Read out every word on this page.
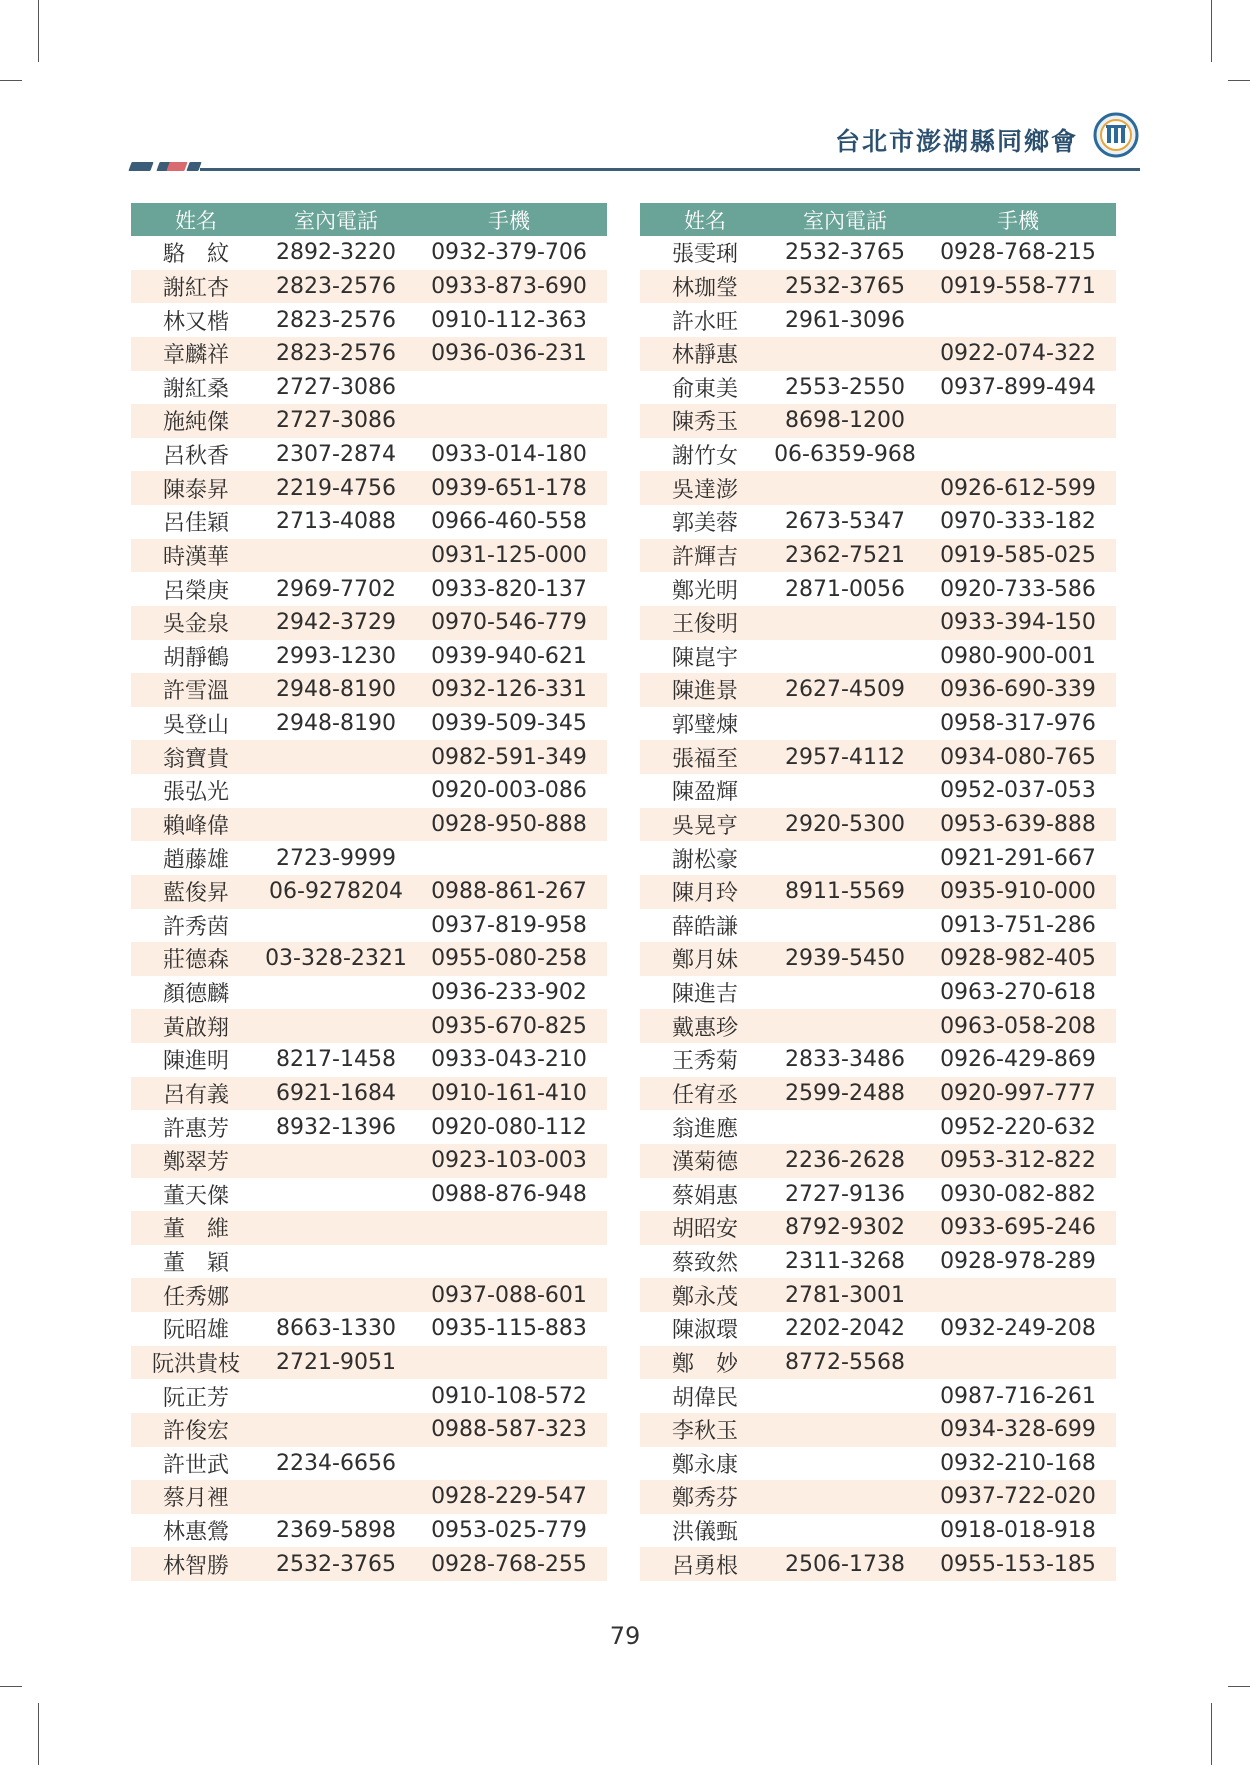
台北市澎湖縣同鄉會
姓名	室內電話	手機
駱　紋	2892-3220	0932-379-706
謝紅杏	2823-2576	0933-873-690
林又楷	2823-2576	0910-112-363
章麟祥	2823-2576	0936-036-231
謝紅桑	2727-3086	
施純傑	2727-3086	
呂秋香	2307-2874	0933-014-180
陳泰昇	2219-4756	0939-651-178
呂佳穎	2713-4088	0966-460-558
時漢華		0931-125-000
呂榮庚	2969-7702	0933-820-137
吳金泉	2942-3729	0970-546-779
胡靜鶴	2993-1230	0939-940-621
許雪溫	2948-8190	0932-126-331
吳登山	2948-8190	0939-509-345
翁寶貴		0982-591-349
張弘光		0920-003-086
賴峰偉		0928-950-888
趙藤雄	2723-9999	
藍俊昇	06-9278204	0988-861-267
許秀茵		0937-819-958
莊德森	03-328-2321	0955-080-258
顏德麟		0936-233-902
黃啟翔		0935-670-825
陳進明	8217-1458	0933-043-210
呂有義	6921-1684	0910-161-410
許惠芳	8932-1396	0920-080-112
鄭翠芳		0923-103-003
董天傑		0988-876-948
董　維		
董　穎		
任秀娜		0937-088-601
阮昭雄	8663-1330	0935-115-883
阮洪貴枝	2721-9051	
阮正芳		0910-108-572
許俊宏		0988-587-323
許世武	2234-6656	
蔡月裡		0928-229-547
林惠鶯	2369-5898	0953-025-779
林智勝	2532-3765	0928-768-255
姓名	室內電話	手機
張雯琍	2532-3765	0928-768-215
林珈瑩	2532-3765	0919-558-771
許水旺	2961-3096	
林靜惠		0922-074-322
俞東美	2553-2550	0937-899-494
陳秀玉	8698-1200	
謝竹女	06-6359-968	
吳達澎		0926-612-599
郭美蓉	2673-5347	0970-333-182
許輝吉	2362-7521	0919-585-025
鄭光明	2871-0056	0920-733-586
王俊明		0933-394-150
陳崑宇		0980-900-001
陳進景	2627-4509	0936-690-339
郭璧煉		0958-317-976
張福至	2957-4112	0934-080-765
陳盈輝		0952-037-053
吳晃亨	2920-5300	0953-639-888
謝松豪		0921-291-667
陳月玲	8911-5569	0935-910-000
薛皓謙		0913-751-286
鄭月妹	2939-5450	0928-982-405
陳進吉		0963-270-618
戴惠珍		0963-058-208
王秀菊	2833-3486	0926-429-869
任宥丞	2599-2488	0920-997-777
翁進應		0952-220-632
漢菊德	2236-2628	0953-312-822
蔡娟惠	2727-9136	0930-082-882
胡昭安	8792-9302	0933-695-246
蔡致然	2311-3268	0928-978-289
鄭永茂	2781-3001	
陳淑環	2202-2042	0932-249-208
鄭　妙	8772-5568	
胡偉民		0987-716-261
李秋玉		0934-328-699
鄭永康		0932-210-168
鄭秀芬		0937-722-020
洪儀甄		0918-018-918
呂勇根	2506-1738	0955-153-185
79
